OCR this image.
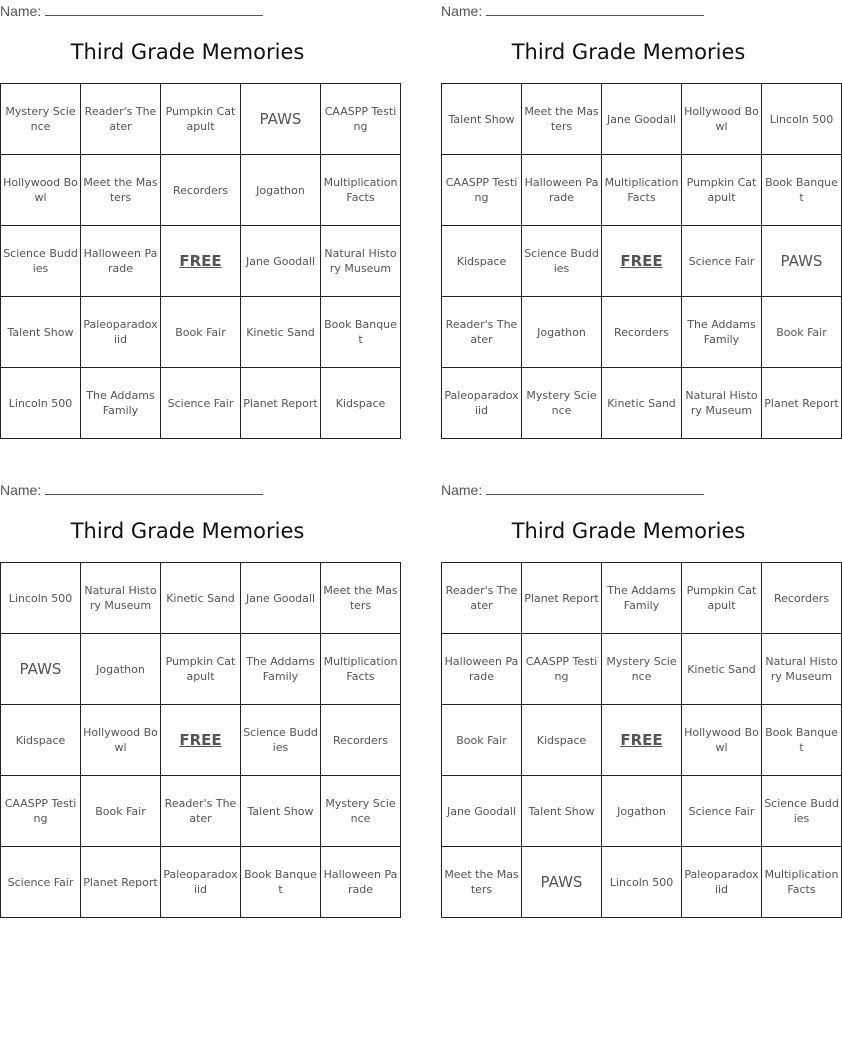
Name:
Third Grade Memories
Mystery Science	Reader's Theater	Pumpkin Catapult	PAWS	CAASPP Testing
Hollywood Bowl	Meet the Masters	Recorders	Jogathon	Multiplication Facts
Science Buddies	Halloween Parade	FREE	Jane Goodall	Natural History Museum
Talent Show	Paleoparadoxiid	Book Fair	Kinetic Sand	Book Banquet
Lincoln 500	The Addams Family	Science Fair	Planet Report	Kidspace
Name:
Third Grade Memories
Talent Show	Meet the Masters	Jane Goodall	Hollywood Bowl	Lincoln 500
CAASPP Testing	Halloween Parade	Multiplication Facts	Pumpkin Catapult	Book Banquet
Kidspace	Science Buddies	FREE	Science Fair	PAWS
Reader's Theater	Jogathon	Recorders	The Addams Family	Book Fair
Paleoparadoxiid	Mystery Science	Kinetic Sand	Natural History Museum	Planet Report
Name:
Third Grade Memories
Lincoln 500	Natural History Museum	Kinetic Sand	Jane Goodall	Meet the Masters
PAWS	Jogathon	Pumpkin Catapult	The Addams Family	Multiplication Facts
Kidspace	Hollywood Bowl	FREE	Science Buddies	Recorders
CAASPP Testing	Book Fair	Reader's Theater	Talent Show	Mystery Science
Science Fair	Planet Report	Paleoparadoxiid	Book Banquet	Halloween Parade
Name:
Third Grade Memories
Reader's Theater	Planet Report	The Addams Family	Pumpkin Catapult	Recorders
Halloween Parade	CAASPP Testing	Mystery Science	Kinetic Sand	Natural History Museum
Book Fair	Kidspace	FREE	Hollywood Bowl	Book Banquet
Jane Goodall	Talent Show	Jogathon	Science Fair	Science Buddies
Meet the Masters	PAWS	Lincoln 500	Paleoparadoxiid	Multiplication Facts
